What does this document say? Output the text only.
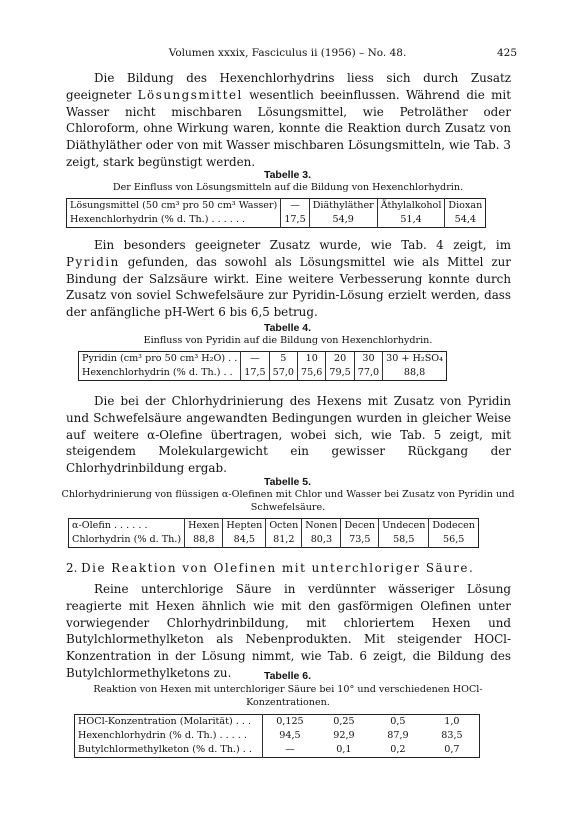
Volumen xxxix, Fasciculus ii (1956) – No. 48.	425
Die Bildung des Hexenchlorhydrins liess sich durch Zusatz geeigneter Lösungsmittel wesentlich beeinflussen. Während die mit Wasser nicht mischbaren Lösungsmittel, wie Petroläther oder Chloroform, ohne Wirkung waren, konnte die Reaktion durch Zusatz von Diäthyläther oder von mit Wasser mischbaren Lösungsmitteln, wie Tab. 3 zeigt, stark begünstigt werden.
Tabelle 3.
Der Einfluss von Lösungsmitteln auf die Bildung von Hexenchlorhydrin.
Lösungsmittel (50 cm³ pro 50 cm³ Wasser)	—	Diäthyläther	Äthylalkohol	Dioxan
Hexenchlorhydrin (% d. Th.) . . . . . .	17,5	54,9	51,4	54,4
Ein besonders geeigneter Zusatz wurde, wie Tab. 4 zeigt, im Pyridin gefunden, das sowohl als Lösungsmittel wie als Mittel zur Bindung der Salzsäure wirkt. Eine weitere Verbesserung konnte durch Zusatz von soviel Schwefelsäure zur Pyridin-Lösung erzielt werden, dass der anfängliche pH-Wert 6 bis 6,5 betrug.
Tabelle 4.
Einfluss von Pyridin auf die Bildung von Hexenchlorhydrin.
Pyridin (cm³ pro 50 cm³ H₂O) . .	—	5	10	20	30	30 + H₂SO₄
Hexenchlorhydrin (% d. Th.) . .	17,5	57,0	75,6	79,5	77,0	88,8
Die bei der Chlorhydrinierung des Hexens mit Zusatz von Pyridin und Schwefelsäure angewandten Bedingungen wurden in gleicher Weise auf weitere α-Olefine übertragen, wobei sich, wie Tab. 5 zeigt, mit steigendem Molekulargewicht ein gewisser Rückgang der Chlorhydrinbildung ergab.
Tabelle 5.
Chlorhydrinierung von flüssigen α-Olefinen mit Chlor und Wasser bei Zusatz von Pyridin und Schwefelsäure.
α-Olefin . . . . . .	Hexen	Hepten	Octen	Nonen	Decen	Undecen	Dodecen
Chlorhydrin (% d. Th.)	88,8	84,5	81,2	80,3	73,5	58,5	56,5
2. Die Reaktion von Olefinen mit unterchloriger Säure.
Reine unterchlorige Säure in verdünnter wässeriger Lösung reagierte mit Hexen ähnlich wie mit den gasförmigen Olefinen unter vorwiegender Chlorhydrinbildung, mit chloriertem Hexen und Butylchlormethylketon als Nebenprodukten. Mit steigender HOCl-Konzentration in der Lösung nimmt, wie Tab. 6 zeigt, die Bildung des Butylchlormethylketons zu.	Tabelle 6.
Reaktion von Hexen mit unterchloriger Säure bei 10° und verschiedenen HOCl-Konzentrationen.
HOCl-Konzentration (Molarität) . . .	0,125	0,25	0,5	1,0
Hexenchlorhydrin (% d. Th.) . . . . .	94,5	92,9	87,9	83,5
Butylchlormethylketon (% d. Th.) . .	—	0,1	0,2	0,7
